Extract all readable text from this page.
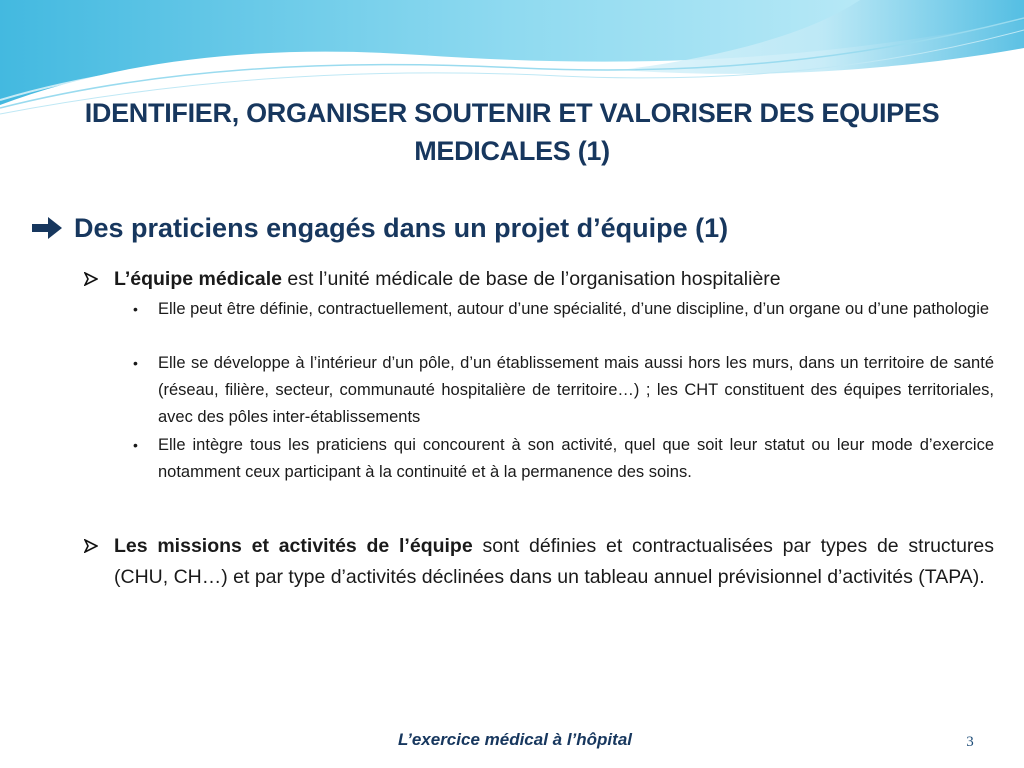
IDENTIFIER, ORGANISER SOUTENIR ET VALORISER DES EQUIPES MEDICALES (1)
Des praticiens engagés dans un projet d’équipe (1)
L’équipe médicale est l’unité médicale de base de l’organisation hospitalière
• Elle peut être définie, contractuellement, autour d’une spécialité, d’une discipline, d’un organe ou d’une pathologie
• Elle se développe à l’intérieur d’un pôle, d’un établissement mais aussi hors les murs, dans un territoire de santé (réseau, filière, secteur, communauté hospitalière de territoire…) ; les CHT constituent des équipes territoriales, avec des pôles inter-établissements
• Elle intègre tous les praticiens qui concourent à son activité, quel que soit leur statut ou leur mode d’exercice notamment ceux participant à la continuité et à la permanence des soins.
Les missions et activités de l’équipe sont définies et contractualisées par types de structures (CHU, CH…) et par type d’activités déclinées dans un tableau annuel prévisionnel d’activités (TAPA).
L’exercice médical à l’hôpital	3
